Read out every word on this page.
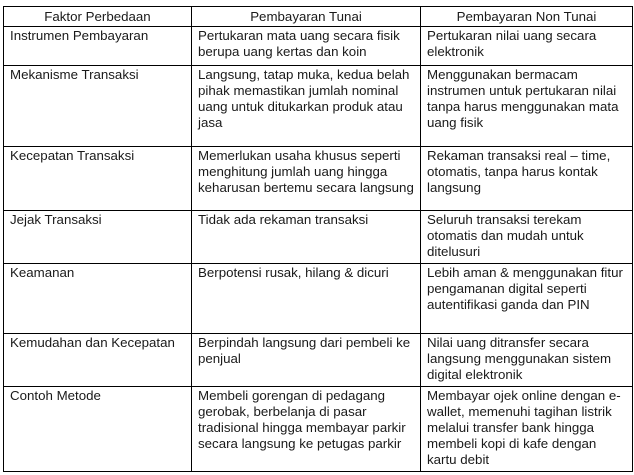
Faktor Perbedaan	Pembayaran Tunai	Pembayaran Non Tunai
Instrumen Pembayaran	Pertukaran mata uang secara fisik berupa uang kertas dan koin	Pertukaran nilai uang secara elektronik
Mekanisme Transaksi	Langsung, tatap muka, kedua belah pihak memastikan jumlah nominal uang untuk ditukarkan produk atau jasa	Menggunakan bermacam instrumen untuk pertukaran nilai tanpa harus menggunakan mata uang fisik
Kecepatan Transaksi	Memerlukan usaha khusus seperti menghitung jumlah uang hingga keharusan bertemu secara langsung	Rekaman transaksi real – time, otomatis, tanpa harus kontak langsung
Jejak Transaksi	Tidak ada rekaman transaksi	Seluruh transaksi terekam otomatis dan mudah untuk ditelusuri
Keamanan	Berpotensi rusak, hilang & dicuri	Lebih aman & menggunakan fitur pengamanan digital seperti autentifikasi ganda dan PIN
Kemudahan dan Kecepatan	Berpindah langsung dari pembeli ke penjual	Nilai uang ditransfer secara langsung menggunakan sistem digital elektronik
Contoh Metode	Membeli gorengan di pedagang gerobak, berbelanja di pasar tradisional hingga membayar parkir secara langsung ke petugas parkir	Membayar ojek online dengan e-wallet, memenuhi tagihan listrik melalui transfer bank hingga membeli kopi di kafe dengan kartu debit
